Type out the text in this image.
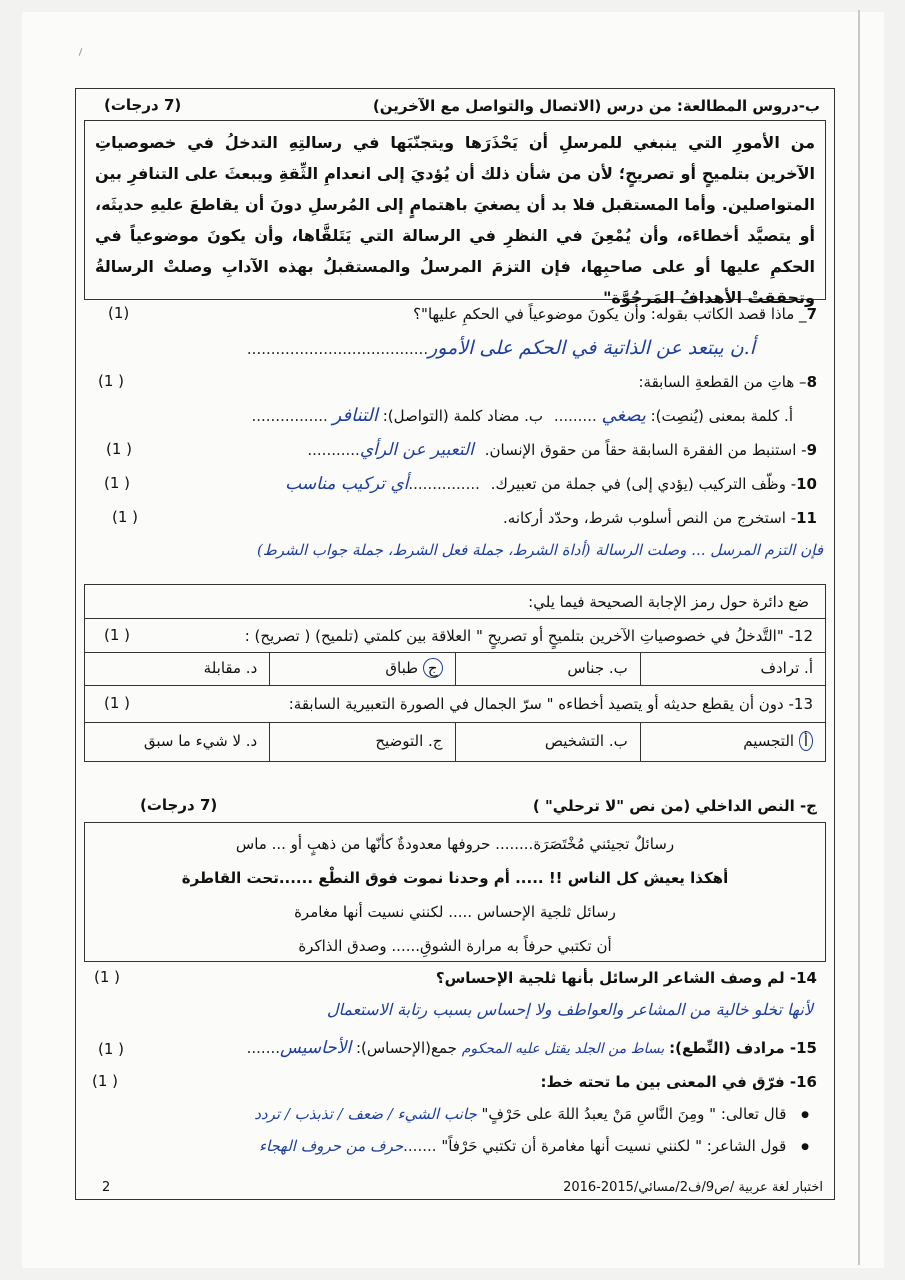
ب-دروس المطالعة: من درس (الاتصال والتواصل مع الآخرين)
(7 درجات)
من الأمورِ التي ينبغي للمرسلِ أن يَحْذَرَها ويتجنّبَها في رسالتِهِ التدخلُ في خصوصياتِ الآخرين بتلميحٍ أو تصريحٍ؛ لأن من شأن ذلك أن يُؤديَ إلى انعدامِ الثِّقةِ ويبعثَ على التنافرِ بين المتواصلين. وأما المستقبل فلا بد أن يصغيَ باهتمامٍ إلى المُرسلِ دونَ أن يقاطعَ عليهِ حديثَه، أو يتصيَّد أخطاءَه، وأن يُمْعِنَ في النظرِ في الرسالة التي يَتَلقَّاها، وأن يكونَ موضوعياً في الحكمِ عليها أو على صاحبِها، فإن التزمَ المرسلُ والمستقبلُ بهذه الآدابِ وصلتْ الرسالةُ وتحققتْ الأهدافُ المَرجُوَّة"
7_ ماذا قصد الكاتب بقوله: وأن يكونَ موضوعياً في الحكمِ عليها"؟
(1)
أ.ن يبتعد عن الذاتية في الحكم على الأمور......................................
8– هاتِ من القطعةِ السابقة:
( 1)
أ. كلمة بمعنى (يُنصِت): يصغي ......... ب. مضاد كلمة (التواصل): التنافر ................
9- استنبط من الفقرة السابقة حقاً من حقوق الإنسان. التعبير عن الرأي...........
( 1)
10- وظّف التركيب (يؤدي إلى) في جملة من تعبيرك. ...............أي تركيب مناسب
( 1)
11- استخرج من النص أسلوب شرط، وحدّد أركانه.
( 1)
فإن التزم المرسل ... وصلت الرسالة (أداة الشرط، جملة فعل الشرط، جملة جواب الشرط)
ضع دائرة حول رمز الإجابة الصحيحة فيما يلي:
12- "التَّدخلُ في خصوصياتِ الآخرين بتلميحٍ أو تصريحٍ " العلاقة بين كلمتي (تلميح) ( تصريح) :
( 1)
أ. ترادف
ب. جناس
ج طباق
د. مقابلة
13- دون أن يقطع حديثه أو يتصيد أخطاءه " سرّ الجمال في الصورة التعبيرية السابقة:
( 1)
أ التجسيم
ب. التشخيص
ج. التوضيح
د. لا شيء ما سبق
ج- النص الداخلي (من نص "لا ترحلي" )
(7 درجات)
رسائلٌ تجيئني مُخْتَصَرَة........ حروفها معدودةٌ كأنّها من ذهبٍ أو ... ماس
أهكذا يعيش كل الناس !! ..... أم وحدنا نموت فوق النطْع ......تحت القاطرة
رسائل ثلجية الإحساس ..... لكنني نسيت أنها مغامرة
أن تكتبي حرفاً به مرارة الشوقِ...... وصدق الذاكرة
14- لم وصف الشاعر الرسائل بأنها ثلجية الإحساس؟
( 1)
لأنها تخلو خالية من المشاعر والعواطف ولا إحساس بسبب رتابة الاستعمال
15- مرادف (النِّطع): بساط من الجلد يقتل عليه المحكوم جمع(الإحساس): الأحاسيس.......
( 1)
16- فرّق في المعنى بين ما تحته خط:
( 1)
● قال تعالى: " ومِنَ النَّاسِ مَنْ يعبدُ اللهَ على حَرْفٍ" جانب الشيء / ضعف / تذبذب / تردد
● قول الشاعر: " لكنني نسيت أنها مغامرة أن تكتبي حَرْفاً" .......حرف من حروف الهجاء
2	اختبار لغة عربية /ص9/ف2/مسائي/2015-2016
